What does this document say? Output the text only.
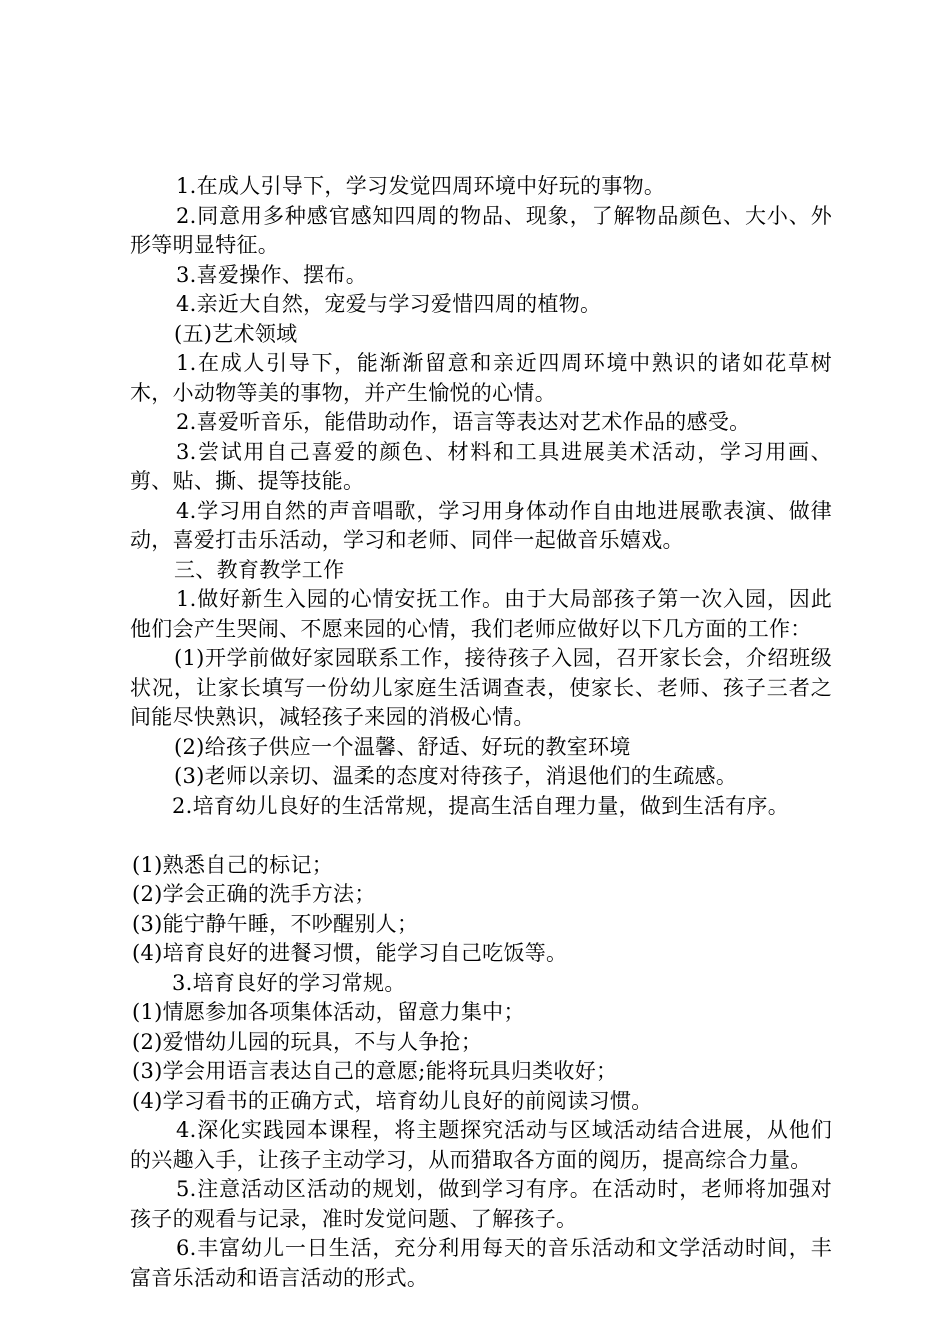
1.在成人引导下，学习发觉四周环境中好玩的事物。

2.同意用多种感官感知四周的物品、现象，了解物品颜色、大小、外形等明显特征。

3.喜爱操作、摆布。

4.亲近大自然，宠爱与学习爱惜四周的植物。

(五)艺术领域

1.在成人引导下，能渐渐留意和亲近四周环境中熟识的诸如花草树木，小动物等美的事物，并产生愉悦的心情。

2.喜爱听音乐，能借助动作，语言等表达对艺术作品的感受。

3.尝试用自己喜爱的颜色、材料和工具进展美术活动，学习用画、剪、贴、撕、提等技能。

4.学习用自然的声音唱歌，学习用身体动作自由地进展歌表演、做律动，喜爱打击乐活动，学习和老师、同伴一起做音乐嬉戏。

三、教育教学工作

1.做好新生入园的心情安抚工作。由于大局部孩子第一次入园，因此他们会产生哭闹、不愿来园的心情，我们老师应做好以下几方面的工作：

(1)开学前做好家园联系工作，接待孩子入园，召开家长会，介绍班级状况，让家长填写一份幼儿家庭生活调查表，使家长、老师、孩子三者之间能尽快熟识，减轻孩子来园的消极心情。

(2)给孩子供应一个温馨、舒适、好玩的教室环境

(3)老师以亲切、温柔的态度对待孩子，消退他们的生疏感。

2.培育幼儿良好的生活常规，提高生活自理力量，做到生活有序。

(1)熟悉自己的标记；

(2)学会正确的洗手方法；

(3)能宁静午睡，不吵醒别人；

(4)培育良好的进餐习惯，能学习自己吃饭等。

3.培育良好的学习常规。

(1)情愿参加各项集体活动，留意力集中；

(2)爱惜幼儿园的玩具，不与人争抢；

(3)学会用语言表达自己的意愿;能将玩具归类收好；

(4)学习看书的正确方式，培育幼儿良好的前阅读习惯。

4.深化实践园本课程，将主题探究活动与区域活动结合进展，从他们的兴趣入手，让孩子主动学习，从而猎取各方面的阅历，提高综合力量。

5.注意活动区活动的规划，做到学习有序。在活动时，老师将加强对孩子的观看与记录，准时发觉问题、了解孩子。

6.丰富幼儿一日生活，充分利用每天的音乐活动和文学活动时间，丰富音乐活动和语言活动的形式。
